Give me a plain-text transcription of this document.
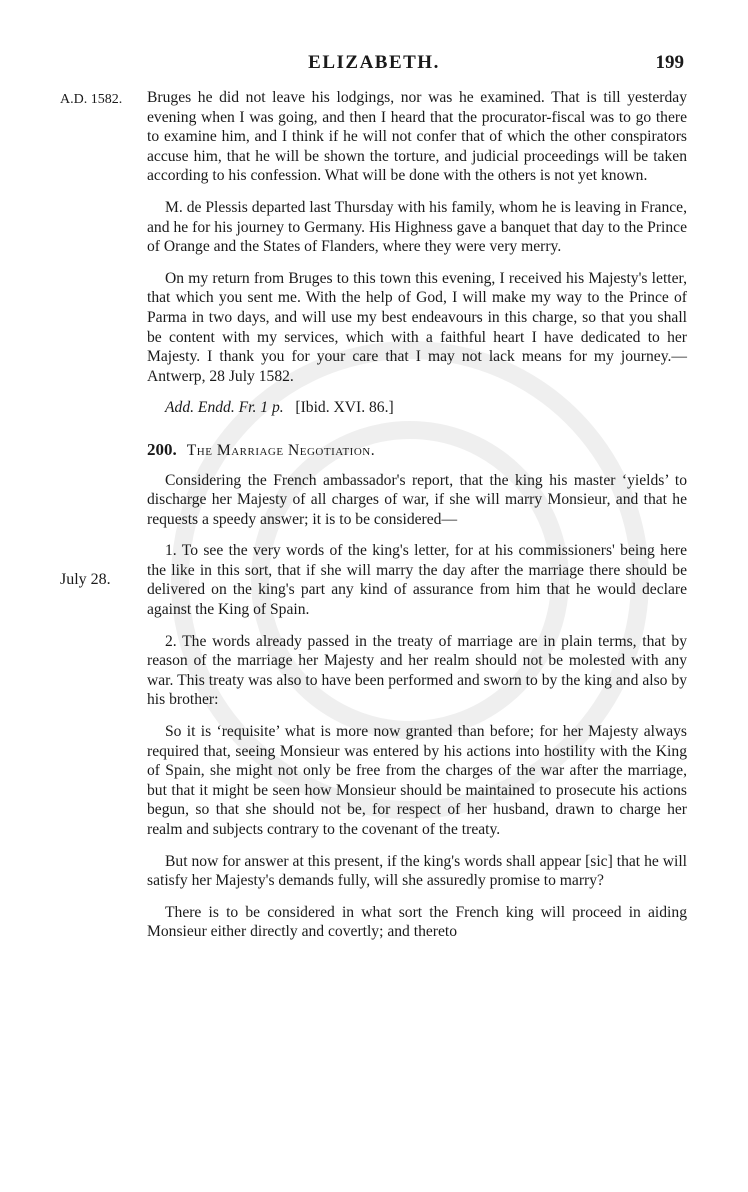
ELIZABETH.	199
A.D. 1582.
July 28.

Bruges he did not leave his lodgings, nor was he examined. That is till yesterday evening when I was going, and then I heard that the procurator-fiscal was to go there to examine him, and I think if he will not confer that of which the other conspirators accuse him, that he will be shown the torture, and judicial proceedings will be taken according to his confession. What will be done with the others is not yet known.

M. de Plessis departed last Thursday with his family, whom he is leaving in France, and he for his journey to Germany. His Highness gave a banquet that day to the Prince of Orange and the States of Flanders, where they were very merry.

On my return from Bruges to this town this evening, I received his Majesty's letter, that which you sent me. With the help of God, I will make my way to the Prince of Parma in two days, and will use my best endeavours in this charge, so that you shall be content with my services, which with a faithful heart I have dedicated to her Majesty. I thank you for your care that I may not lack means for my journey.—Antwerp, 28 July 1582.

Add. Endd. Fr. 1 p. [Ibid. XVI. 86.]

200. The Marriage Negotiation.

Considering the French ambassador's report, that the king his master ‘yields’ to discharge her Majesty of all charges of war, if she will marry Monsieur, and that he requests a speedy answer; it is to be considered—

1. To see the very words of the king's letter, for at his commissioners' being here the like in this sort, that if she will marry the day after the marriage there should be delivered on the king's part any kind of assurance from him that he would declare against the King of Spain.

2. The words already passed in the treaty of marriage are in plain terms, that by reason of the marriage her Majesty and her realm should not be molested with any war. This treaty was also to have been performed and sworn to by the king and also by his brother:

So it is ‘requisite’ what is more now granted than before; for her Majesty always required that, seeing Monsieur was entered by his actions into hostility with the King of Spain, she might not only be free from the charges of the war after the marriage, but that it might be seen how Monsieur should be maintained to prosecute his actions begun, so that she should not be, for respect of her husband, drawn to charge her realm and subjects contrary to the covenant of the treaty.

But now for answer at this present, if the king's words shall appear [sic] that he will satisfy her Majesty's demands fully, will she assuredly promise to marry?

There is to be considered in what sort the French king will proceed in aiding Monsieur either directly and covertly; and thereto
